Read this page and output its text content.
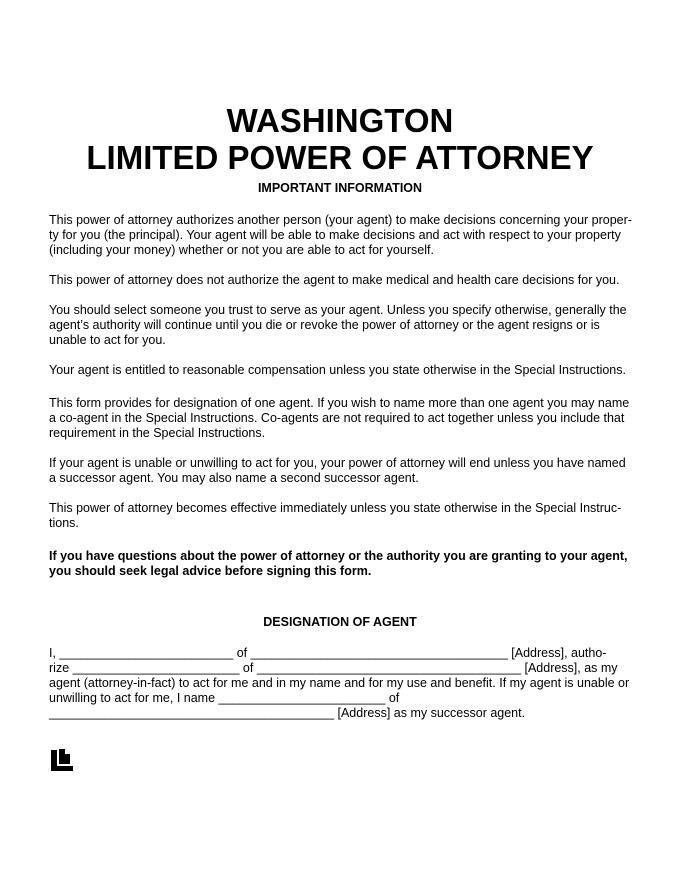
WASHINGTON
LIMITED POWER OF ATTORNEY
IMPORTANT INFORMATION

This power of attorney authorizes another person (your agent) to make decisions concerning your proper-
ty for you (the principal). Your agent will be able to make decisions and act with respect to your property
(including your money) whether or not you are able to act for yourself.

This power of attorney does not authorize the agent to make medical and health care decisions for you.

You should select someone you trust to serve as your agent. Unless you specify otherwise, generally the
agent’s authority will continue until you die or revoke the power of attorney or the agent resigns or is
unable to act for you.

Your agent is entitled to reasonable compensation unless you state otherwise in the Special Instructions.

This form provides for designation of one agent. If you wish to name more than one agent you may name
a co-agent in the Special Instructions. Co-agents are not required to act together unless you include that
requirement in the Special Instructions.

If your agent is unable or unwilling to act for you, your power of attorney will end unless you have named
a successor agent. You may also name a second successor agent.

This power of attorney becomes effective immediately unless you state otherwise in the Special Instruc-
tions.

If you have questions about the power of attorney or the authority you are granting to your agent,
you should seek legal advice before signing this form.

DESIGNATION OF AGENT

I, _________________________ of _____________________________________ [Address], autho-
rize ________________________ of ______________________________________ [Address], as my
agent (attorney-in-fact) to act for me and in my name and for my use and benefit. If my agent is unable or
unwilling to act for me, I name ________________________ of
_________________________________________ [Address] as my successor agent.
